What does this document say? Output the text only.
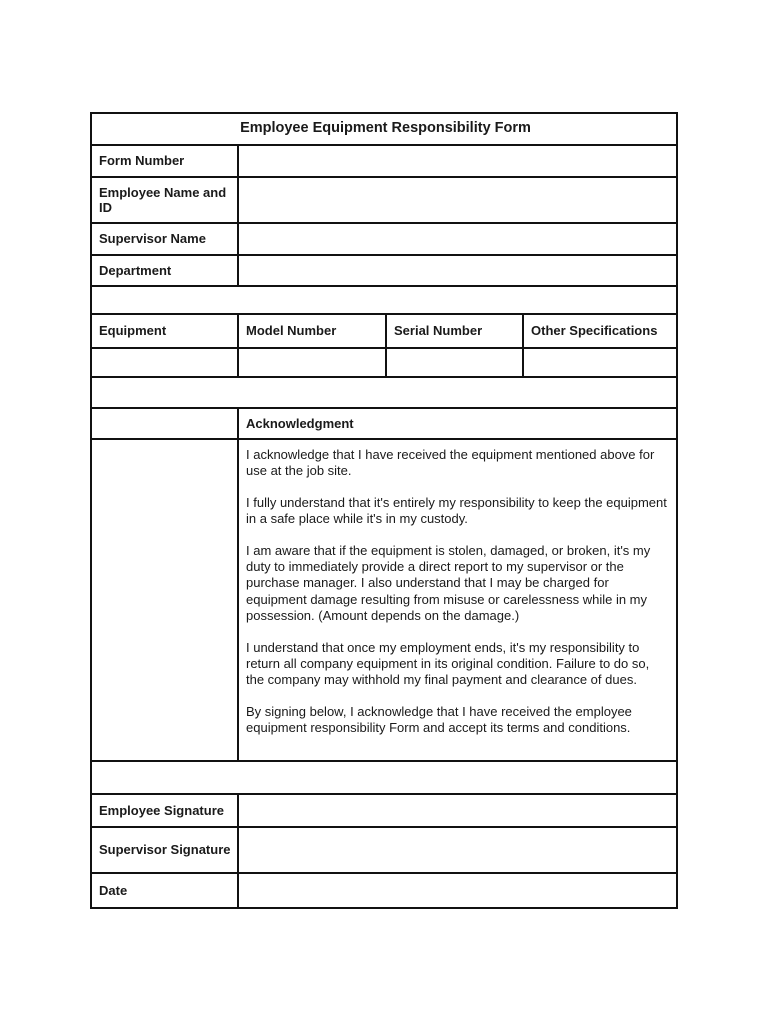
Employee Equipment Responsibility Form
Form Number
Employee Name and ID
Supervisor Name
Department
Equipment	Model Number	Serial Number	Other Specifications
Acknowledgment

I acknowledge that I have received the equipment mentioned above for use at the job site.

I fully understand that it's entirely my responsibility to keep the equipment in a safe place while it's in my custody.

I am aware that if the equipment is stolen, damaged, or broken, it's my duty to immediately provide a direct report to my supervisor or the purchase manager. I also understand that I may be charged for equipment damage resulting from misuse or carelessness while in my possession. (Amount depends on the damage.)

I understand that once my employment ends, it's my responsibility to return all company equipment in its original condition. Failure to do so, the company may withhold my final payment and clearance of dues.

By signing below, I acknowledge that I have received the employee equipment responsibility Form and accept its terms and conditions.

Employee Signature
Supervisor Signature
Date
